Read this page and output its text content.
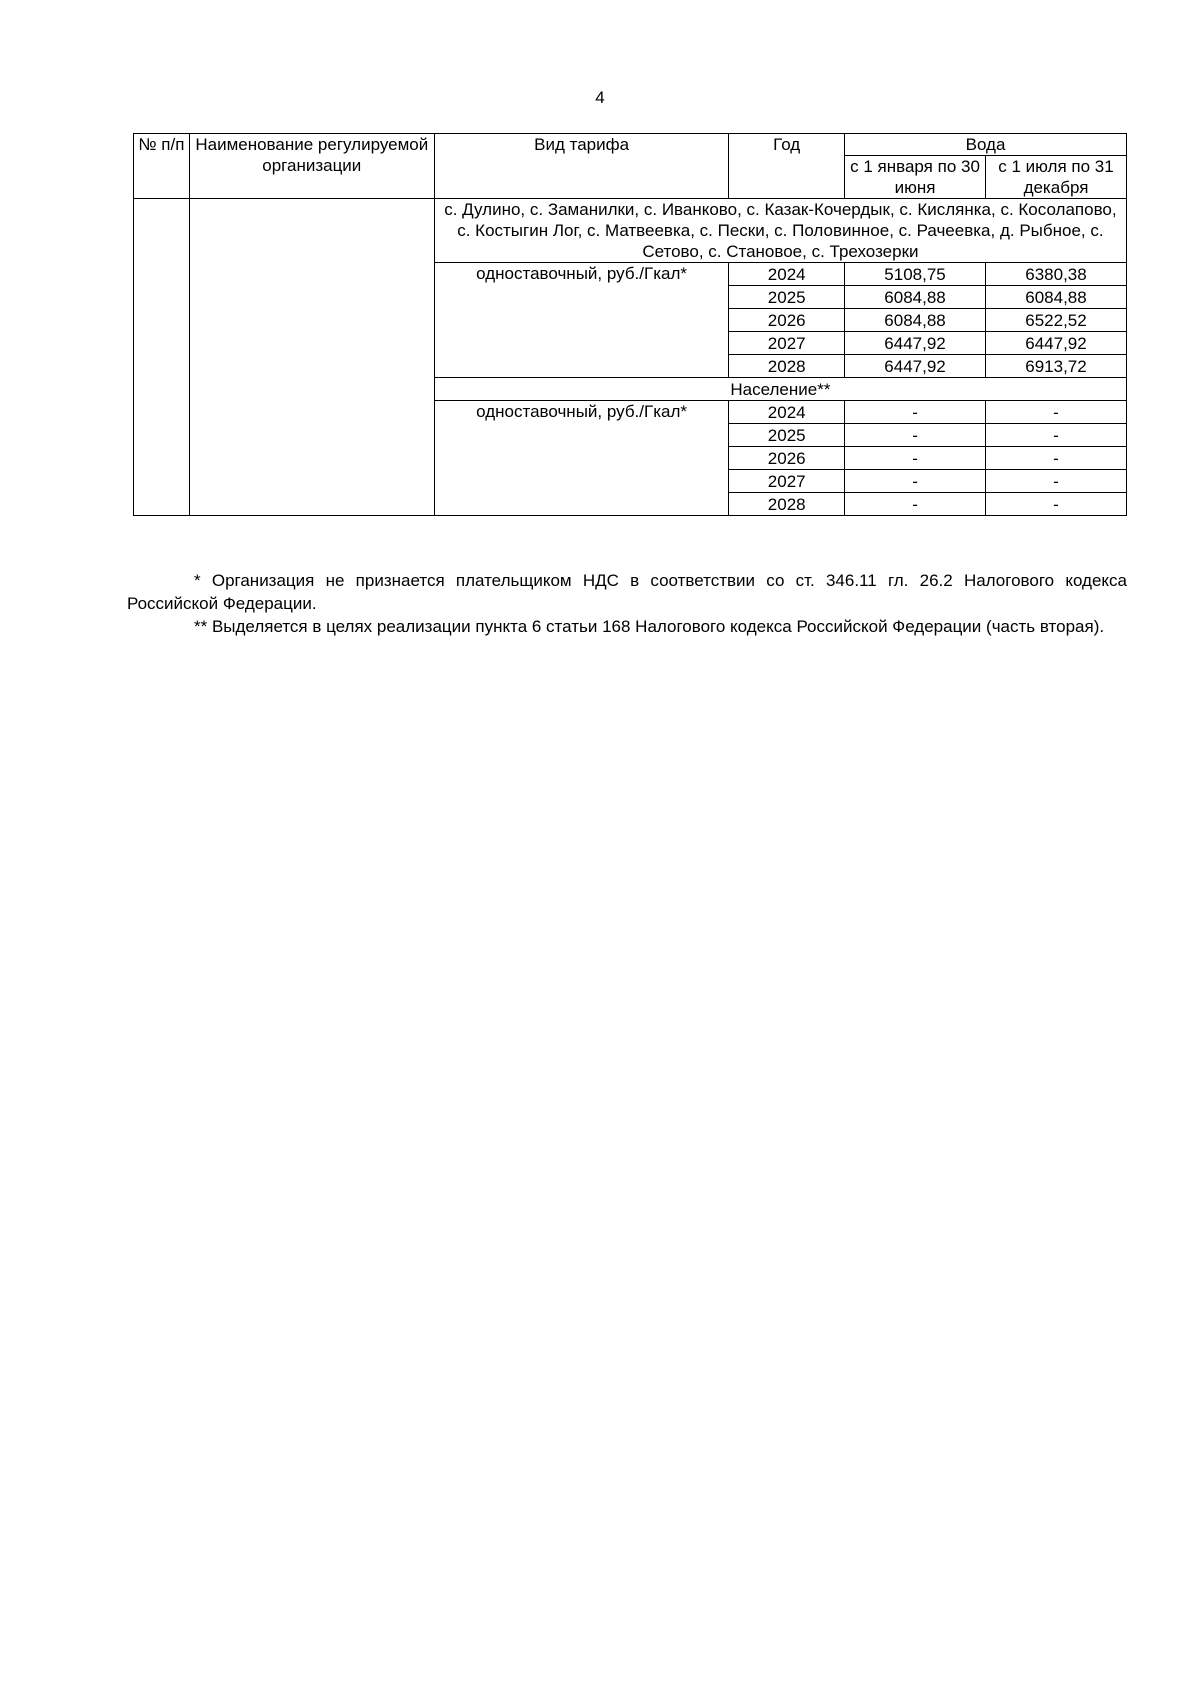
4
№ п/п	Наименование регулируемой организации	Вид тарифа	Год	Вода	
				с 1 января по 30 июня	с 1 июля по 31 декабря
		с. Дулино, с. Заманилки, с. Иванково, с. Казак-Кочердык, с. Кислянка, с. Косолапово, с. Костыгин Лог, с. Матвеевка, с. Пески, с. Половинное, с. Рачеевка, д. Рыбное, с. Сетово, с. Становое, с. Трехозерки			
		одноставочный, руб./Гкал*	2024	5108,75	6380,38
			2025	6084,88	6084,88
			2026	6084,88	6522,52
			2027	6447,92	6447,92
			2028	6447,92	6913,72
		Население**			
		одноставочный, руб./Гкал*	2024	-	-
			2025	-	-
			2026	-	-
			2027	-	-
			2028	-	-

* Организация не признается плательщиком НДС в соответствии со ст. 346.11 гл. 26.2 Налогового кодекса Российской Федерации.

** Выделяется в целях реализации пункта 6 статьи 168 Налогового кодекса Российской Федерации (часть вторая).
